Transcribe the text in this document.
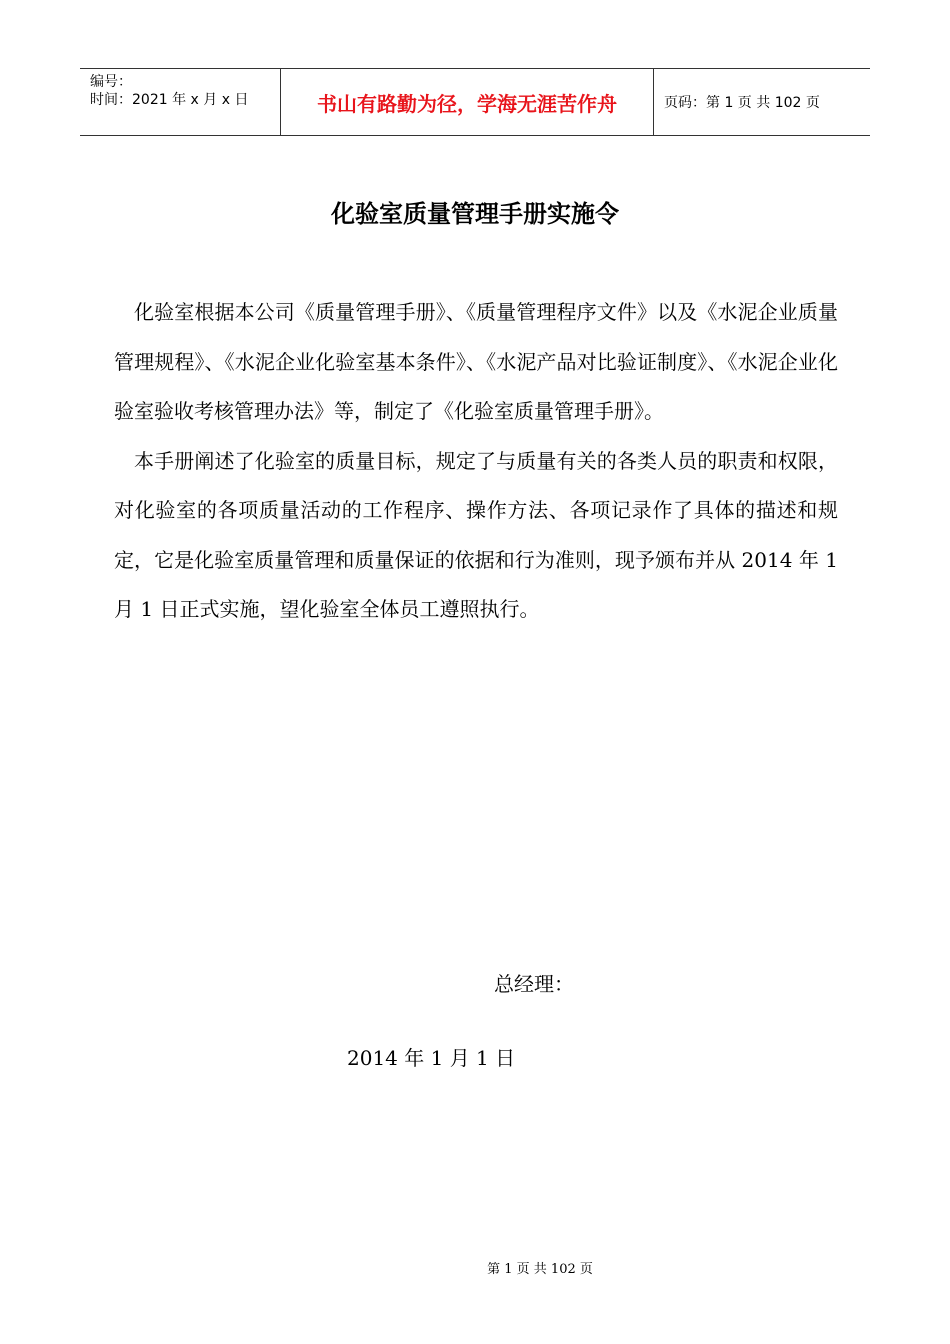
编号：
时间：2021 年 x 月 x 日	书山有路勤为径，学海无涯苦作舟	页码：第 1 页 共 102 页
化验室质量管理手册实施令

化验室根据本公司《质量管理手册》、《质量管理程序文件》以及《水泥企业质量管理规程》、《水泥企业化验室基本条件》、《水泥产品对比验证制度》、《水泥企业化验室验收考核管理办法》等，制定了《化验室质量管理手册》。

本手册阐述了化验室的质量目标，规定了与质量有关的各类人员的职责和权限，对化验室的各项质量活动的工作程序、操作方法、各项记录作了具体的描述和规定，它是化验室质量管理和质量保证的依据和行为准则，现予颁布并从 2014 年 1 月 1 日正式实施，望化验室全体员工遵照执行。

总经理：
2014 年 1 月 1 日
第 1 页 共 102 页
